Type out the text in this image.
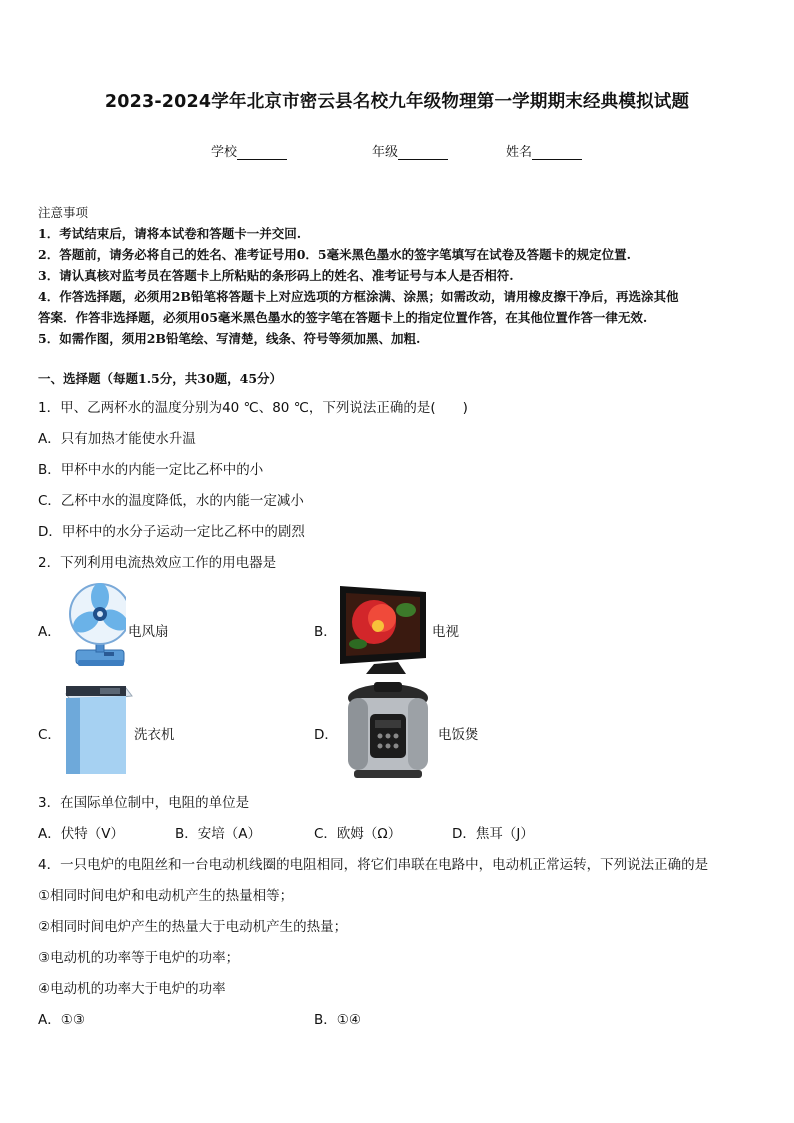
2023-2024学年北京市密云县名校九年级物理第一学期期末经典模拟试题
学校	年级	姓名
注意事项
1．考试结束后，请将本试卷和答题卡一并交回.
2．答题前，请务必将自己的姓名、准考证号用0．5毫米黑色墨水的签字笔填写在试卷及答题卡的规定位置.
3．请认真核对监考员在答题卡上所粘贴的条形码上的姓名、准考证号与本人是否相符.
4．作答选择题，必须用2B铅笔将答题卡上对应选项的方框涂满、涂黑；如需改动，请用橡皮擦干净后，再选涂其他
答案．作答非选择题，必须用05毫米黑色墨水的签字笔在答题卡上的指定位置作答，在其他位置作答一律无效.
5．如需作图，须用2B铅笔绘、写清楚，线条、符号等须加黑、加粗.
一、选择题（每题1.5分，共30题，45分）
1．甲、乙两杯水的温度分别为40 ℃、80 ℃，下列说法正确的是(　　)
A．只有加热才能使水升温
B．甲杯中水的内能一定比乙杯中的小
C．乙杯中水的温度降低，水的内能一定减小
D．甲杯中的水分子运动一定比乙杯中的剧烈
2．下列利用电流热效应工作的用电器是
A．	电风扇	B．	电视
C．	洗衣机	D．	电饭煲
3．在国际单位制中，电阻的单位是
A．伏特（V）	B．安培（A）	C．欧姆（Ω）	D．焦耳（J）
4．一只电炉的电阻丝和一台电动机线圈的电阻相同，将它们串联在电路中，电动机正常运转，下列说法正确的是
①相同时间电炉和电动机产生的热量相等；
②相同时间电炉产生的热量大于电动机产生的热量；
③电动机的功率等于电炉的功率；
④电动机的功率大于电炉的功率
A．①③	B．①④
